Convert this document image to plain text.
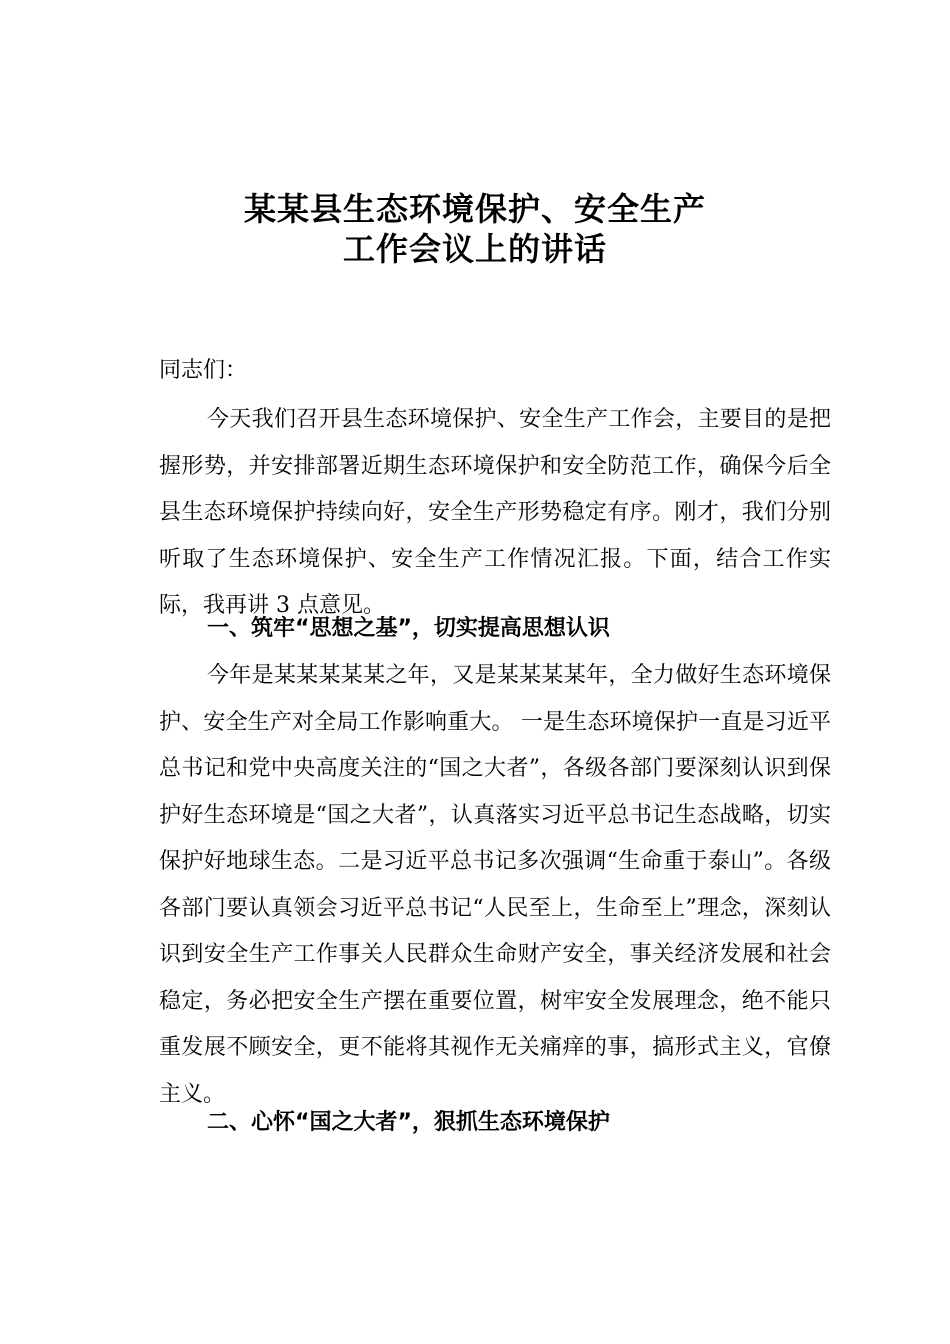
某某县生态环境保护、安全生产
工作会议上的讲话
同志们：
今天我们召开县生态环境保护、安全生产工作会，主要目的是把握形势，并安排部署近期生态环境保护和安全防范工作，确保今后全县生态环境保护持续向好，安全生产形势稳定有序。刚才，我们分别听取了生态环境保护、安全生产工作情况汇报。下面，结合工作实际，我再讲 3 点意见。
一、筑牢“思想之基”，切实提高思想认识
今年是某某某某某之年，又是某某某某年，全力做好生态环境保护、安全生产对全局工作影响重大。 一是生态环境保护一直是习近平总书记和党中央高度关注的“国之大者”，各级各部门要深刻认识到保护好生态环境是“国之大者”，认真落实习近平总书记生态战略，切实保护好地球生态。二是习近平总书记多次强调“生命重于泰山”。各级各部门要认真领会习近平总书记“人民至上，生命至上”理念，深刻认识到安全生产工作事关人民群众生命财产安全，事关经济发展和社会稳定，务必把安全生产摆在重要位置，树牢安全发展理念，绝不能只重发展不顾安全，更不能将其视作无关痛痒的事，搞形式主义，官僚主义。
二、心怀“国之大者”，狠抓生态环境保护
